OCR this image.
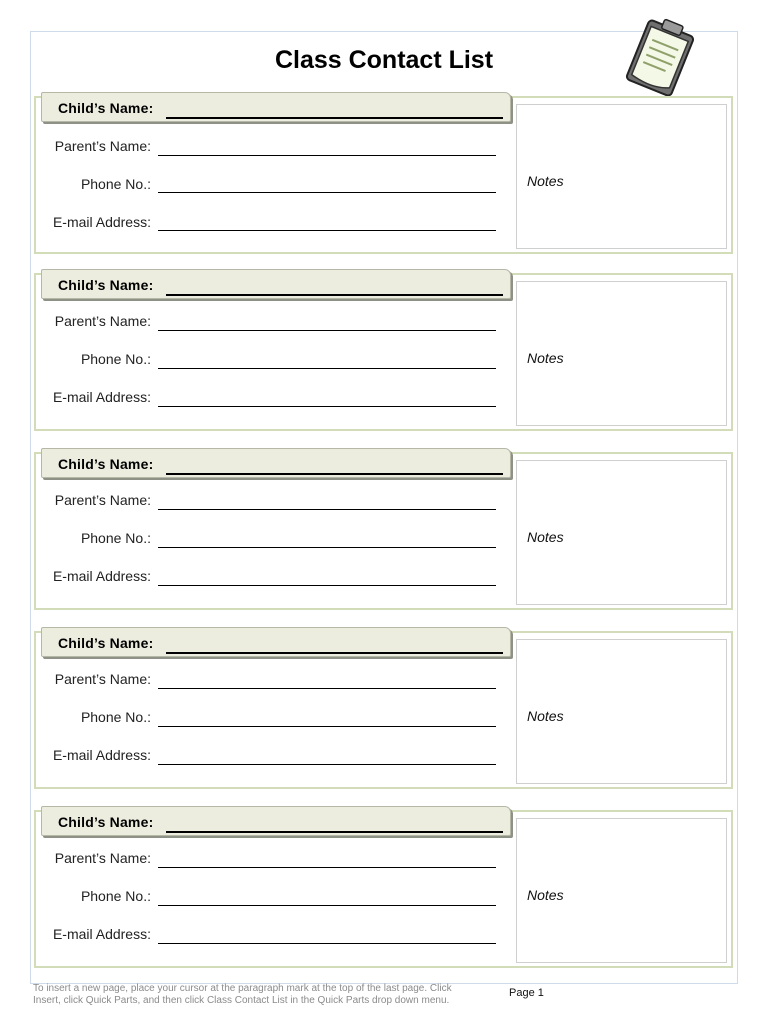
Class Contact List
Child’s Name:
Parent’s Name:
Phone No.:
E-mail Address:
Notes
Child’s Name:
Parent’s Name:
Phone No.:
E-mail Address:
Notes
Child’s Name:
Parent’s Name:
Phone No.:
E-mail Address:
Notes
Child’s Name:
Parent’s Name:
Phone No.:
E-mail Address:
Notes
Child’s Name:
Parent’s Name:
Phone No.:
E-mail Address:
Notes
To insert a new page, place your cursor at the paragraph mark at the top of the last page. Click Insert, click Quick Parts, and then click Class Contact List in the Quick Parts drop down menu.
Page 1
